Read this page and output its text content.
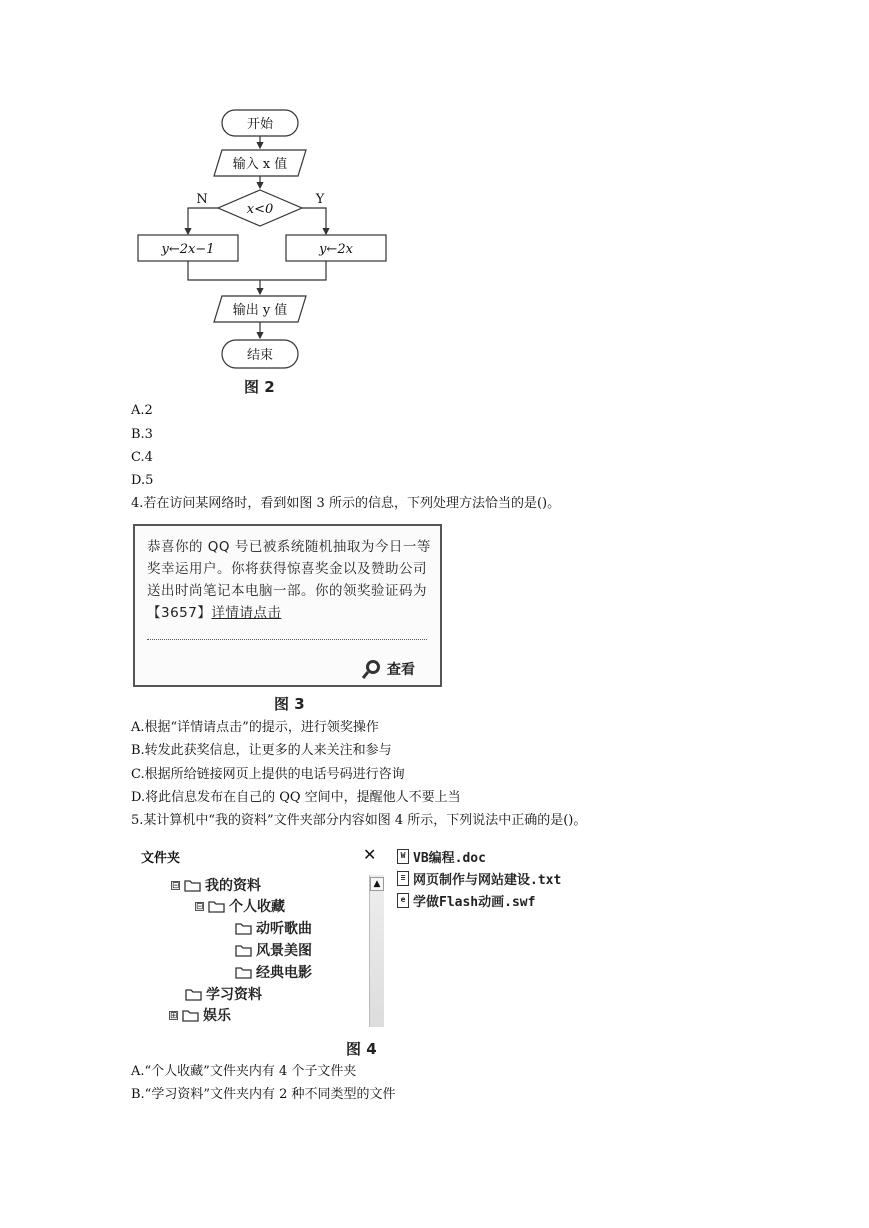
开始
输入 x 值
x<0
N	Y
y←2x−1	y←2x
输出 y 值
结束
图 2
A.2
B.3
C.4
D.5
4.若在访问某网络时，看到如图 3 所示的信息，下列处理方法恰当的是()。
恭喜你的 QQ 号已被系统随机抽取为今日一等奖幸运用户。你将获得惊喜奖金以及赞助公司送出时尚笔记本电脑一部。你的领奖验证码为【3657】详情请点击
查看
图 3
A.根据“详情请点击”的提示，进行领奖操作
B.转发此获奖信息，让更多的人来关注和参与
C.根据所给链接网页上提供的电话号码进行咨询
D.将此信息发布在自己的 QQ 空间中，提醒他人不要上当
5.某计算机中“我的资料”文件夹部分内容如图 4 所示，下列说法中正确的是()。
文件夹	✕
⊟ 我的资料
⊟ 个人收藏
动听歌曲
风景美图
经典电影
学习资料
⊞ 娱乐
▲
W VB编程.doc
≡ 网页制作与网站建设.txt
e 学做Flash动画.swf
图 4
A.“个人收藏”文件夹内有 4 个子文件夹
B.“学习资料”文件夹内有 2 种不同类型的文件
